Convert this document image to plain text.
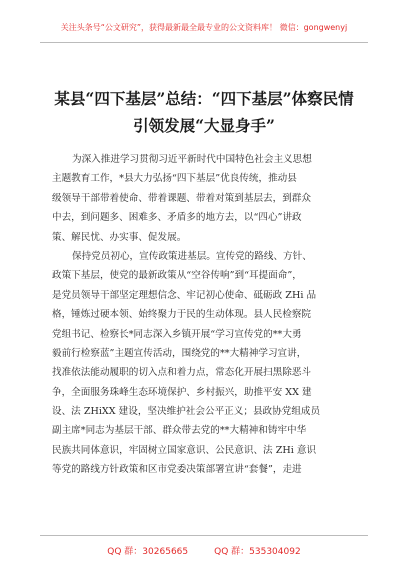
关注头条号“公文研究”，获得最新最全最专业的公文资料库！ 微信：gongwenyj
某县“四下基层”总结：“四下基层”体察民情
引领发展“大显身手”
为深入推进学习贯彻习近平新时代中国特色社会主义思想
主题教育工作，*县大力弘扬“四下基层”优良传统，推动县
级领导干部带着使命、带着课题、带着对策到基层去，到群众
中去，到问题多、困难多、矛盾多的地方去，以“四心”讲政
策、解民忧、办实事、促发展。
保持党员初心，宣传政策进基层。宣传党的路线、方针、
政策下基层，使党的最新政策从“空谷传响”到“耳提面命”，
是党员领导干部坚定理想信念、牢记初心使命、砥砺政 ZHi 品
格，锤炼过硬本领、始终聚力于民的生动体现。县人民检察院
党组书记、检察长*同志深入乡镇开展“学习宣传党的**大勇
毅前行检察蓝”主题宣传活动，围绕党的**大精神学习宣讲，
找准依法能动履职的切入点和着力点，常态化开展扫黑除恶斗
争，全面服务珠峰生态环境保护、乡村振兴，助推平安 XX 建
设、法 ZHiXX 建设，坚决维护社会公平正义；县政协党组成员
副主席*同志为基层干部、群众带去党的**大精神和铸牢中华
民族共同体意识，牢固树立国家意识、公民意识、法 ZHi 意识
等党的路线方针政策和区市党委决策部署宣讲“套餐”，走进
QQ 群：30265665	QQ 群：535304092
